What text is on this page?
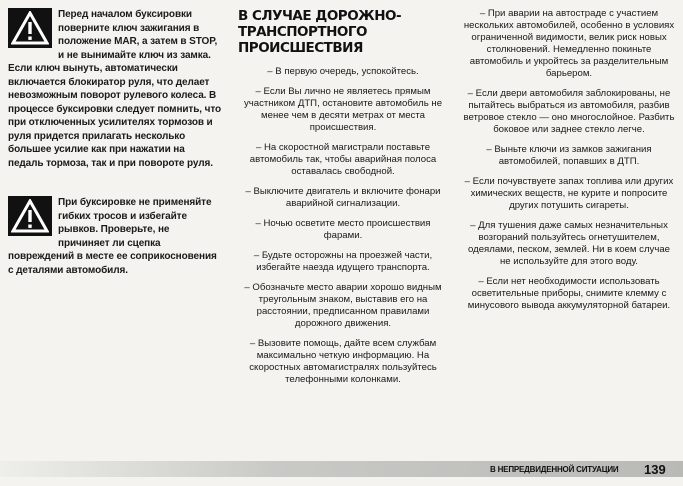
Перед началом буксировки поверните ключ зажигания в положение MAR, а затем в STOP, и не вынимайте ключ из замка. Если ключ вынуть, автоматически включается блокиратор руля, что делает невозможным поворот рулевого колеса. В процессе буксировки следует помнить, что при отключенных усилителях тормозов и руля придется прилагать несколько большее усилие как при нажатии на педаль тормоза, так и при повороте руля.
При буксировке не применяйте гибких тросов и избегайте рывков. Проверьте, не причиняет ли сцепка повреждений в месте ее соприкосновения с деталями автомобиля.
В СЛУЧАЕ ДОРОЖНО-ТРАНСПОРТНОГО ПРОИСШЕСТВИЯ
– В первую очередь, успокойтесь.
– Если Вы лично не являетесь прямым участником ДТП, остановите автомобиль не менее чем в десяти метрах от места происшествия.
– На скоростной магистрали поставьте автомобиль так, чтобы аварийная полоса оставалась свободной.
– Выключите двигатель и включите фонари аварийной сигнализации.
– Ночью осветите место происшествия фарами.
– Будьте осторожны на проезжей части, избегайте наезда идущего транспорта.
– Обозначьте место аварии хорошо видным треугольным знаком, выставив его на расстоянии, предписанном правилами дорожного движения.
– Вызовите помощь, дайте всем службам максимально четкую информацию. На скоростных автомагистралях пользуйтесь телефонными колонками.
– При аварии на автостраде с участием нескольких автомобилей, особенно в условиях ограниченной видимости, велик риск новых столкновений. Немедленно покиньте автомобиль и укройтесь за разделительным барьером.
– Если двери автомобиля заблокированы, не пытайтесь выбраться из автомобиля, разбив ветровое стекло — оно многослойное. Разбить боковое или заднее стекло легче.
– Выньте ключи из замков зажигания автомобилей, попавших в ДТП.
– Если почувствуете запах топлива или других химических веществ, не курите и попросите других потушить сигареты.
– Для тушения даже самых незначительных возгораний пользуйтесь огнетушителем, одеялами, песком, землей. Ни в коем случае не используйте для этого воду.
– Если нет необходимости использовать осветительные приборы, снимите клемму с минусового вывода аккумуляторной батареи.
В НЕПРЕДВИДЕННОЙ СИТУАЦИИ 139
